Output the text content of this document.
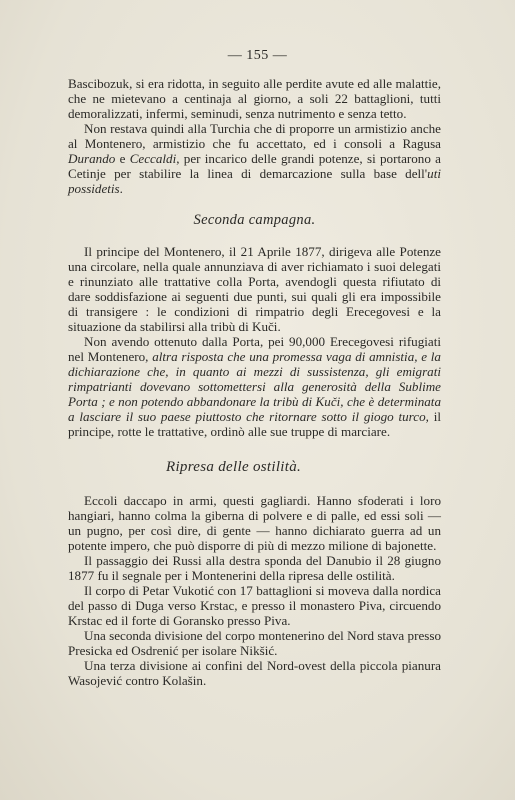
— 155 —

Bascibozuk, si era ridotta, in seguito alle perdite avute ed alle malattie, che ne mietevano a centinaja al giorno, a soli 22 battaglioni, tutti demoralizzati, infermi, seminudi, senza nutrimento e senza tetto.

Non restava quindi alla Turchia che di proporre un armistizio anche al Montenero, armistizio che fu accettato, ed i consoli a Ragusa Durando e Ceccaldi, per incarico delle grandi potenze, si portarono a Cetinje per stabilire la linea di demarcazione sulla base dell'uti possidetis.

Seconda campagna.

Il principe del Montenero, il 21 Aprile 1877, dirigeva alle Potenze una circolare, nella quale annunziava di aver richiamato i suoi delegati e rinunziato alle trattative colla Porta, avendogli questa rifiutato di dare soddisfazione ai seguenti due punti, sui quali gli era impossibile di transigere : le condizioni di rimpatrio degli Erecegovesi e la situazione da stabilirsi alla tribù di Kuči.

Non avendo ottenuto dalla Porta, pei 90,000 Erecegovesi rifugiati nel Montenero, altra risposta che una promessa vaga di amnistia, e la dichiarazione che, in quanto ai mezzi di sussistenza, gli emigrati rimpatrianti dovevano sottomettersi alla generosità della Sublime Porta ; e non potendo abbandonare la tribù di Kuči, che è determinata a lasciare il suo paese piuttosto che ritornare sotto il giogo turco, il principe, rotte le trattative, ordinò alle sue truppe di marciare.

Ripresa delle ostilità.

Eccoli daccapo in armi, questi gagliardi. Hanno sfoderati i loro hangiari, hanno colma la giberna di polvere e di palle, ed essi soli — un pugno, per così dire, di gente — hanno dichiarato guerra ad un potente impero, che può disporre di più di mezzo milione di bajonette.

Il passaggio dei Russi alla destra sponda del Danubio il 28 giugno 1877 fu il segnale per i Montenerini della ripresa delle ostilità.

Il corpo di Petar Vukotić con 17 battaglioni si moveva dalla nordica del passo di Duga verso Krstac, e presso il monastero Piva, circuendo Krstac ed il forte di Goransko presso Piva.

Una seconda divisione del corpo montenerino del Nord stava presso Presicka ed Osdrenić per isolare Nikšić.

Una terza divisione ai confini del Nord-ovest della piccola pianura Wasojević contro Kolašin.
